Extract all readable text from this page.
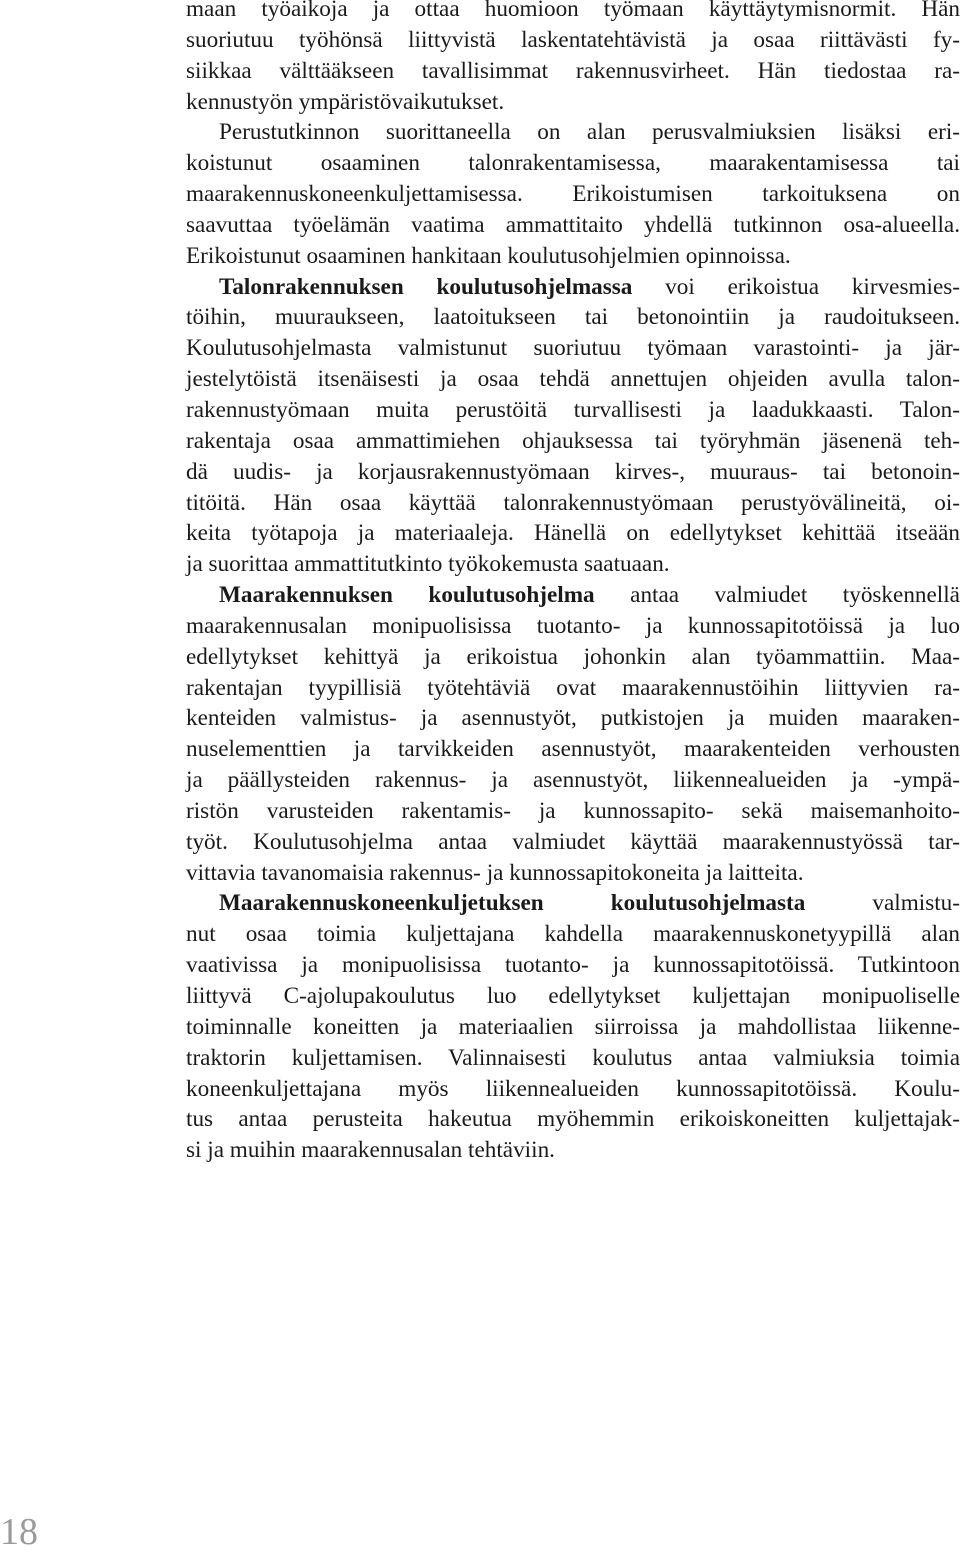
maan työaikoja ja ottaa huomioon työmaan käyttäytymisnormit. Hän
suoriutuu työhönsä liittyvistä laskentatehtävistä ja osaa riittävästi fy-
siikkaa välttääkseen tavallisimmat rakennusvirheet. Hän tiedostaa ra-
kennustyön ympäristövaikutukset.
Perustutkinnon suorittaneella on alan perusvalmiuksien lisäksi eri-
koistunut osaaminen talonrakentamisessa, maarakentamisessa tai
maarakennuskoneenkuljettamisessa. Erikoistumisen tarkoituksena on
saavuttaa työelämän vaatima ammattitaito yhdellä tutkinnon osa-alueella.
Erikoistunut osaaminen hankitaan koulutusohjelmien opinnoissa.
Talonrakennuksen koulutusohjelmassa voi erikoistua kirvesmies-
töihin, muuraukseen, laatoitukseen tai betonointiin ja raudoitukseen.
Koulutusohjelmasta valmistunut suoriutuu työmaan varastointi- ja jär-
jestelytöistä itsenäisesti ja osaa tehdä annettujen ohjeiden avulla talon-
rakennustyömaan muita perustöitä turvallisesti ja laadukkaasti. Talon-
rakentaja osaa ammattimiehen ohjauksessa tai työryhmän jäsenenä teh-
dä uudis- ja korjausrakennustyömaan kirves-, muuraus- tai betonoin-
titöitä. Hän osaa käyttää talonrakennustyömaan perustyövälineitä, oi-
keita työtapoja ja materiaaleja. Hänellä on edellytykset kehittää itseään
ja suorittaa ammattitutkinto työkokemusta saatuaan.
Maarakennuksen koulutusohjelma antaa valmiudet työskennellä
maarakennusalan monipuolisissa tuotanto- ja kunnossapitotöissä ja luo
edellytykset kehittyä ja erikoistua johonkin alan työammattiin. Maa-
rakentajan tyypillisiä työtehtäviä ovat maarakennustöihin liittyvien ra-
kenteiden valmistus- ja asennustyöt, putkistojen ja muiden maaraken-
nuselementtien ja tarvikkeiden asennustyöt, maarakenteiden verhousten
ja päällysteiden rakennus- ja asennustyöt, liikennealueiden ja -ympä-
ristön varusteiden rakentamis- ja kunnossapito- sekä maisemanhoito-
työt. Koulutusohjelma antaa valmiudet käyttää maarakennustyössä tar-
vittavia tavanomaisia rakennus- ja kunnossapitokoneita ja laitteita.
Maarakennuskoneenkuljetuksen koulutusohjelmasta valmistu-
nut osaa toimia kuljettajana kahdella maarakennuskonetyypillä alan
vaativissa ja monipuolisissa tuotanto- ja kunnossapitotöissä. Tutkintoon
liittyvä C-ajolupakoulutus luo edellytykset kuljettajan monipuoliselle
toiminnalle koneitten ja materiaalien siirroissa ja mahdollistaa liikenne-
traktorin kuljettamisen. Valinnaisesti koulutus antaa valmiuksia toimia
koneenkuljettajana myös liikennealueiden kunnossapitotöissä. Koulu-
tus antaa perusteita hakeutua myöhemmin erikoiskoneitten kuljettajak-
si ja muihin maarakennusalan tehtäviin.
18
